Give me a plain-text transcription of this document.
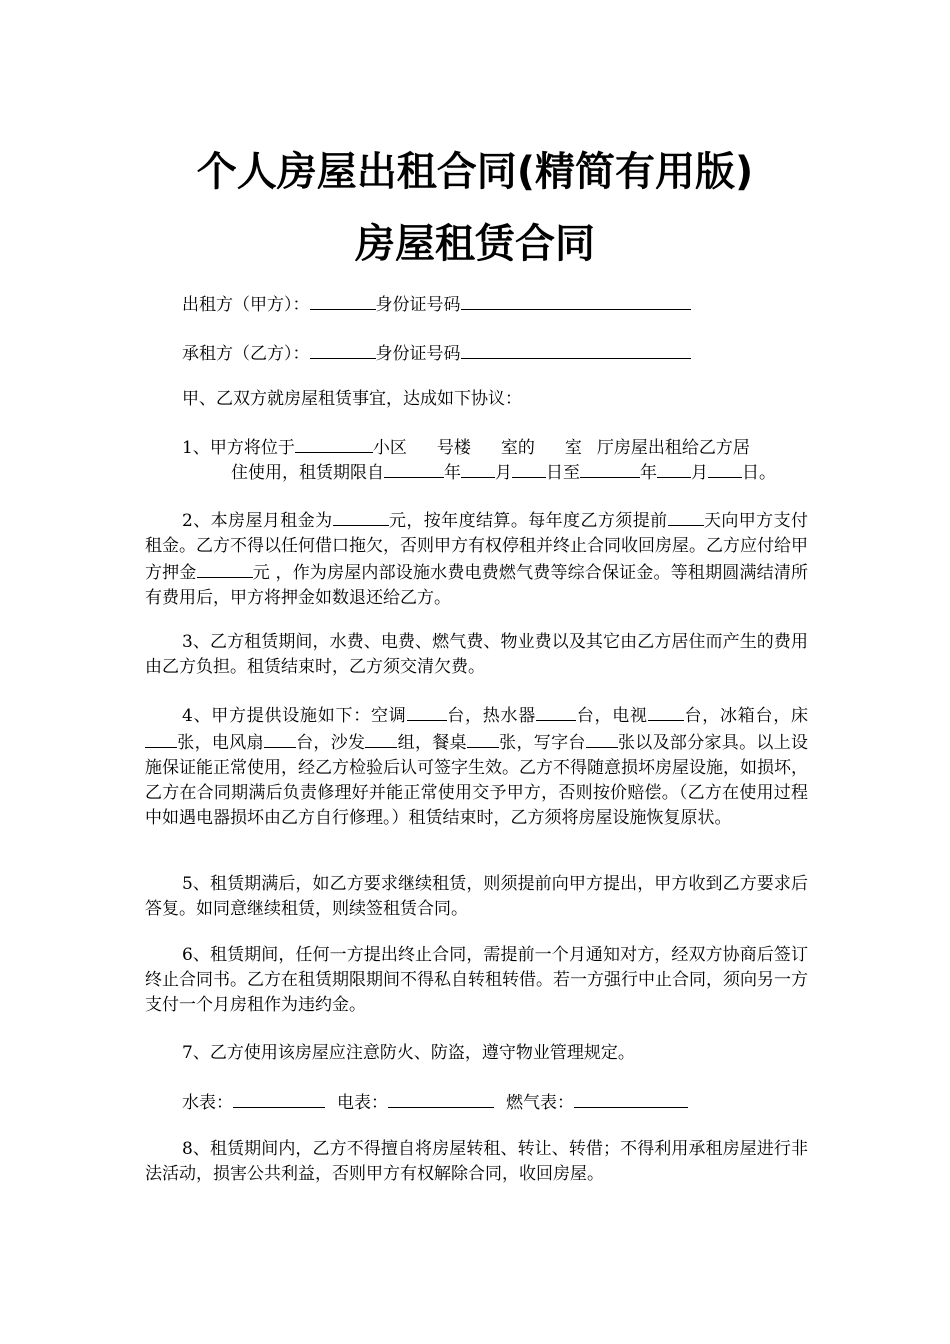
个人房屋出租合同(精简有用版)
房屋租赁合同

出租方（甲方）：	身份证号码

承租方（乙方）：	身份证号码

甲、乙双方就房屋租赁事宜，达成如下协议：

1、甲方将位于	小区 号楼 室的 室 厅房屋出租给乙方居

住使用，租赁期限自	年 月 日至	年 月 日。

2、本房屋月租金为	元，按年度结算。每年度乙方须提前 天向甲方支付租金。乙方不得以任何借口拖欠，否则甲方有权停租并终止合同收回房屋。乙方应付给甲方押金	元 ，作为房屋内部设施水费电费燃气费等综合保证金。等租期圆满结清所有费用后，甲方将押金如数退还给乙方。

3、乙方租赁期间，水费、电费、燃气费、物业费以及其它由乙方居住而产生的费用由乙方负担。租赁结束时，乙方须交清欠费。

4、甲方提供设施如下：空调 台，热水器 台，电视 台，冰箱台，床张，电风扇 台，沙发 组，餐桌 张，写字台 张以及部分家具。以上设施保证能正常使用，经乙方检验后认可签字生效。乙方不得随意损坏房屋设施，如损坏，乙方在合同期满后负责修理好并能正常使用交予甲方，否则按价赔偿。（乙方在使用过程中如遇电器损坏由乙方自行修理。）租赁结束时，乙方须将房屋设施恢复原状。

5、租赁期满后，如乙方要求继续租赁，则须提前向甲方提出，甲方收到乙方要求后答复。如同意继续租赁，则续签租赁合同。

6、租赁期间，任何一方提出终止合同，需提前一个月通知对方，经双方协商后签订终止合同书。乙方在租赁期限期间不得私自转租转借。若一方强行中止合同，须向另一方支付一个月房租作为违约金。

7、乙方使用该房屋应注意防火、防盗，遵守物业管理规定。

水表：	电表：	燃气表：

8、租赁期间内，乙方不得擅自将房屋转租、转让、转借；不得利用承租房屋进行非法活动，损害公共利益，否则甲方有权解除合同，收回房屋。
